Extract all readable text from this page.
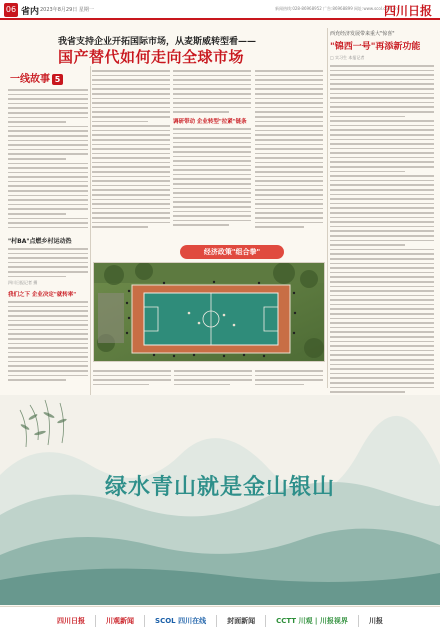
06 省内 2023年8月29日 星期一	新闻热线:028-86968952 广告:86968899 网址:www.scol.com.cn
四川日报
我省支持企业开拓国际市场，从麦斯威转型看——
国产替代如何走向全球市场
一线故事 5
"村BA"点燃乡村运动热
四川日报记者 摄
我们之下 企业决定"就转率"
调研带动 企业转型"拉紧"链条
经济政策"组合拳"
西充经济发展带来重大"惊喜"
"锦西一号"再添新功能
□ 实习生 本报记者
绿水青山就是金山银山
四川日报	川观新闻	SCOL 四川在线	封面新闻	CCTT 川观 | 川报视界	川报
